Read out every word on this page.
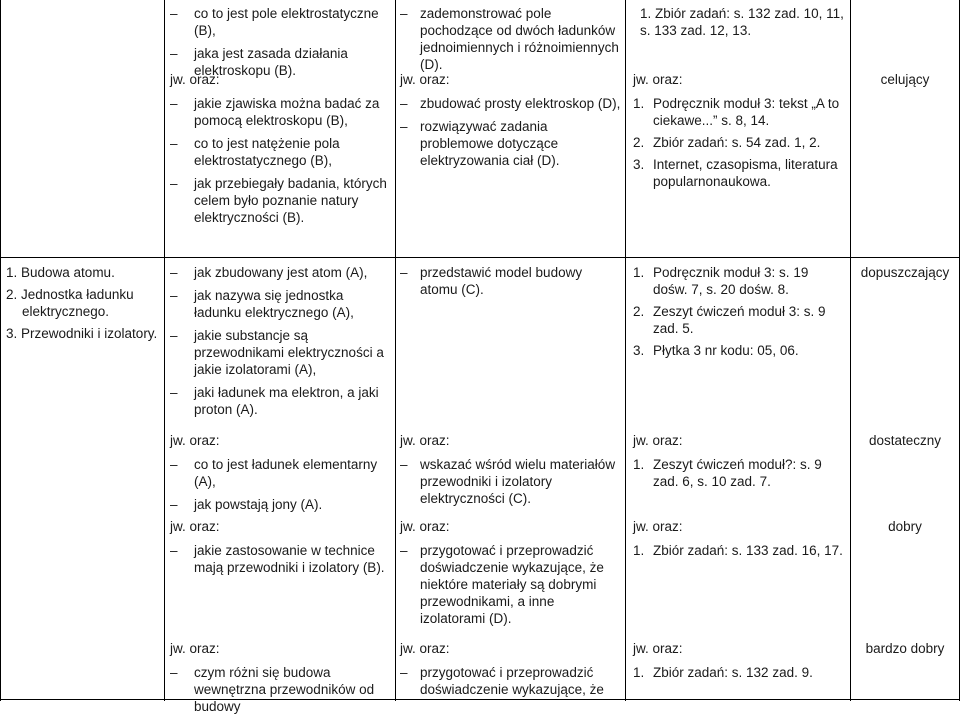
– co to jest pole elektrostatyczne (B),
– jaka jest zasada działania elektroskopu (B).
– zademonstrować pole pochodzące od dwóch ładunków jednoimiennych i różnoimiennych (D).

1. Zbiór zadań: s. 132 zad. 10, 11, s. 133 zad. 12, 13.

jw. oraz:

– jakie zjawiska można badać za pomocą elektroskopu (B),
– co to jest natężenie pola elektrostatycznego (B),
– jak przebiegały badania, których celem było poznanie natury elektryczności (B).

jw. oraz:

– zbudować prosty elektroskop (D),
– rozwiązywać zadania problemowe dotyczące elektryzowania ciał (D).

jw. oraz:

1. Podręcznik moduł 3: tekst „A to ciekawe...” s. 8, 14.
2. Zbiór zadań: s. 54 zad. 1, 2.
3. Internet, czasopisma, literatura popularnonaukowa.
celujący

1. Budowa atomu.

2. Jednostka ładunku elektrycznego.

3. Przewodniki i izolatory.

– jak zbudowany jest atom (A),
– jak nazywa się jednostka ładunku elektrycznego (A),
– jakie substancje są przewodnikami elektryczności a jakie izolatorami (A),
– jaki ładunek ma elektron, a jaki proton (A).
– przedstawić model budowy atomu (C).
1. Podręcznik moduł 3: s. 19 dośw. 7, s. 20 dośw. 8.
2. Zeszyt ćwiczeń moduł 3: s. 9 zad. 5.
3. Płytka 3 nr kodu: 05, 06.
dopuszczający

jw. oraz:

– co to jest ładunek elementarny (A),
– jak powstają jony (A).

jw. oraz:

– wskazać wśród wielu materiałów przewodniki i izolatory elektryczności (C).

jw. oraz:

1. Zeszyt ćwiczeń moduł?: s. 9 zad. 6, s. 10 zad. 7.
dostateczny

jw. oraz:

– jakie zastosowanie w technice mają przewodniki i izolatory (B).

jw. oraz:

– przygotować i przeprowadzić doświadczenie wykazujące, że niektóre materiały są dobrymi przewodnikami, a inne izolatorami (D).

jw. oraz:

1. Zbiór zadań: s. 133 zad. 16, 17.
dobry

jw. oraz:

– czym różni się budowa wewnętrzna przewodników od budowy

jw. oraz:

– przygotować i przeprowadzić doświadczenie wykazujące, że

jw. oraz:

1. Zbiór zadań: s. 132 zad. 9.
bardzo dobry
